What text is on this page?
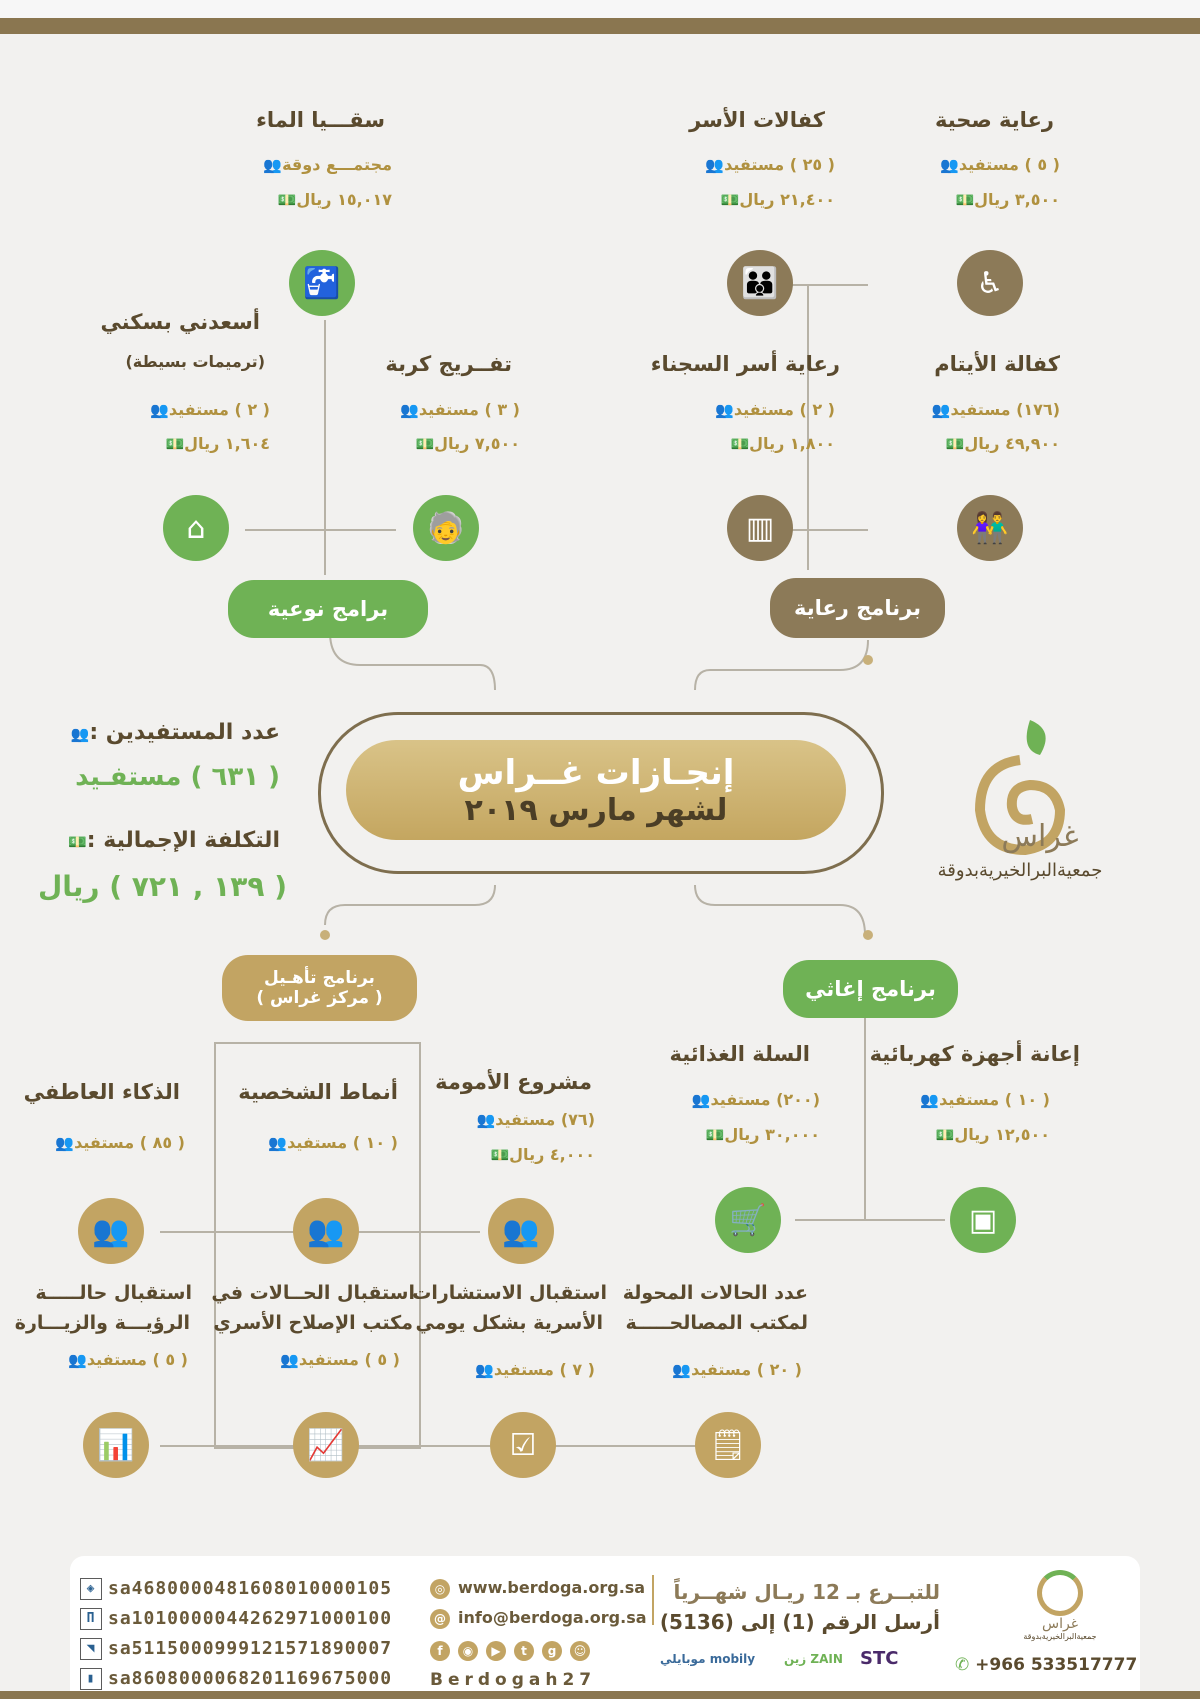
رعاية صحية
( ٥ ) مستفيد👥
٣,٥٠٠ ريال💵
♿
كفالات الأسر
( ٢٥ ) مستفيد👥
٢١,٤٠٠ ريال💵
👪
كفالة الأيتام
(١٧٦) مستفيد👥
٤٩,٩٠٠ ريال💵
👫
رعاية أسر السجناء
( ٢ ) مستفيد👥
١,٨٠٠ ريال💵
▥
برنامج رعاية
سقـــيا الماء
مجتمـــع دوقة👥
١٥,٠١٧ ريال💵
🚰
تفــريج كربة
( ٣ ) مستفيد👥
٧,٥٠٠ ريال💵
🧓
أسعدني بسكني
(ترميمات بسيطة)
( ٢ ) مستفيد👥
١,٦٠٤ ريال💵
⌂
برامج نوعية
إنجـازات غــراس
لشهر مارس ٢٠١٩
عدد المستفيدين :👥
( ٦٣١ ) مستفـيد
التكلفة الإجمالية :💵
( ١٣٩ , ٧٢١ ) ريال
غراس
جمعيةالبرالخيريةبدوقة
برنامج إغاثي
إعانة أجهزة كهربائية
( ١٠ ) مستفيد👥
١٢,٥٠٠ ريال💵
▣
السلة الغذائية
(٢٠٠) مستفيد👥
٣٠,٠٠٠ ريال💵
🛒
برنامج تأهـيل
( مركز غراس )
مشروع الأمومة
(٧٦) مستفيد👥
٤,٠٠٠ ريال💵
👥
أنماط الشخصية
( ١٠ ) مستفيد👥
👥
الذكاء العاطفي
( ٨٥ ) مستفيد👥
👥
عدد الحالات المحولة
لمكتب المصالحـــــة
( ٢٠ ) مستفيد👥
🗒
استقبال الاستشارات
الأسرية بشكل يومي
( ٧ ) مستفيد👥
☑
استقبال الحــالات في
مكتب الإصلاح الأسري
( ٥ ) مستفيد👥
📈
استقبال حالـــــة
الرؤيـــة والزيـــارة
( ٥ ) مستفيد👥
📊
◈ sa4680000481608010000105
Π sa1010000044262971000100
◥ sa5115000999121571890007
▮ sa8608000068201169675000
◎ www.berdoga.org.sa
@ info@berdoga.org.sa
f ◉ ▶ t g ☺
Berdogah27
للتبــرع بـ 12 ريـال شهــرياً
أرسل الرقم (1) إلى (5136)
موبايلي mobily زين ZAIN STC	✆ +966 533517777
غراس
جمعيةالبرالخيريةبدوقة
